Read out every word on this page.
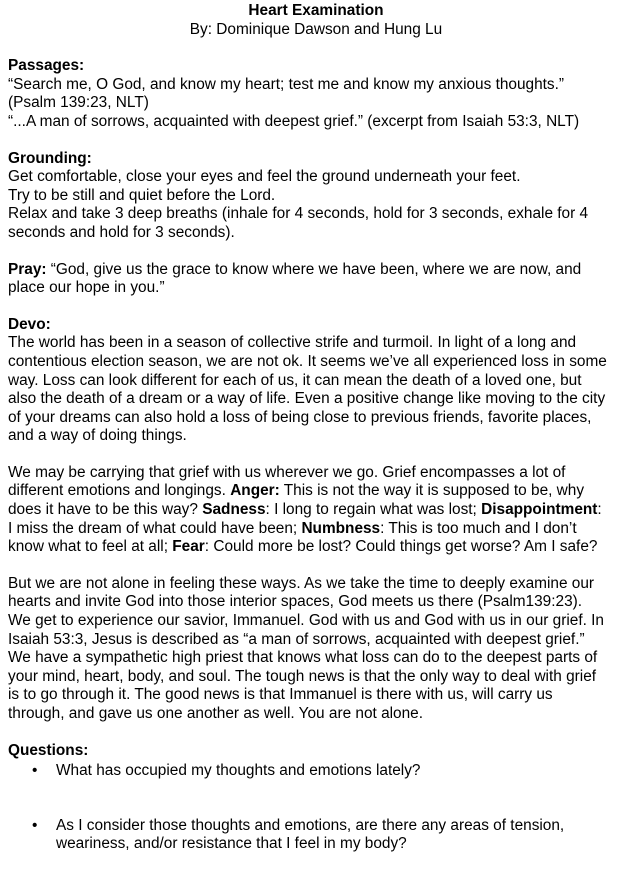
Heart Examination
By: Dominique Dawson and Hung Lu
Passages:
“Search me, O God, and know my heart; test me and know my anxious thoughts.”
(Psalm 139:23, NLT)
“...A man of sorrows, acquainted with deepest grief.” (excerpt from Isaiah 53:3, NLT)
Grounding:
Get comfortable, close your eyes and feel the ground underneath your feet.
Try to be still and quiet before the Lord.
Relax and take 3 deep breaths (inhale for 4 seconds, hold for 3 seconds, exhale for 4
seconds and hold for 3 seconds).
Pray: “God, give us the grace to know where we have been, where we are now, and
place our hope in you.”
Devo:
The world has been in a season of collective strife and turmoil. In light of a long and
contentious election season, we are not ok. It seems we’ve all experienced loss in some
way. Loss can look different for each of us, it can mean the death of a loved one, but
also the death of a dream or a way of life. Even a positive change like moving to the city
of your dreams can also hold a loss of being close to previous friends, favorite places,
and a way of doing things.
We may be carrying that grief with us wherever we go. Grief encompasses a lot of
different emotions and longings. Anger: This is not the way it is supposed to be, why
does it have to be this way? Sadness: I long to regain what was lost; Disappointment:
I miss the dream of what could have been; Numbness: This is too much and I don’t
know what to feel at all; Fear: Could more be lost? Could things get worse? Am I safe?
But we are not alone in feeling these ways. As we take the time to deeply examine our
hearts and invite God into those interior spaces, God meets us there (Psalm139:23).
We get to experience our savior, Immanuel. God with us and God with us in our grief. In
Isaiah 53:3, Jesus is described as “a man of sorrows, acquainted with deepest grief.”
We have a sympathetic high priest that knows what loss can do to the deepest parts of
your mind, heart, body, and soul. The tough news is that the only way to deal with grief
is to go through it. The good news is that Immanuel is there with us, will carry us
through, and gave us one another as well. You are not alone.
Questions:
• What has occupied my thoughts and emotions lately?
• As I consider those thoughts and emotions, are there any areas of tension,
weariness, and/or resistance that I feel in my body?
